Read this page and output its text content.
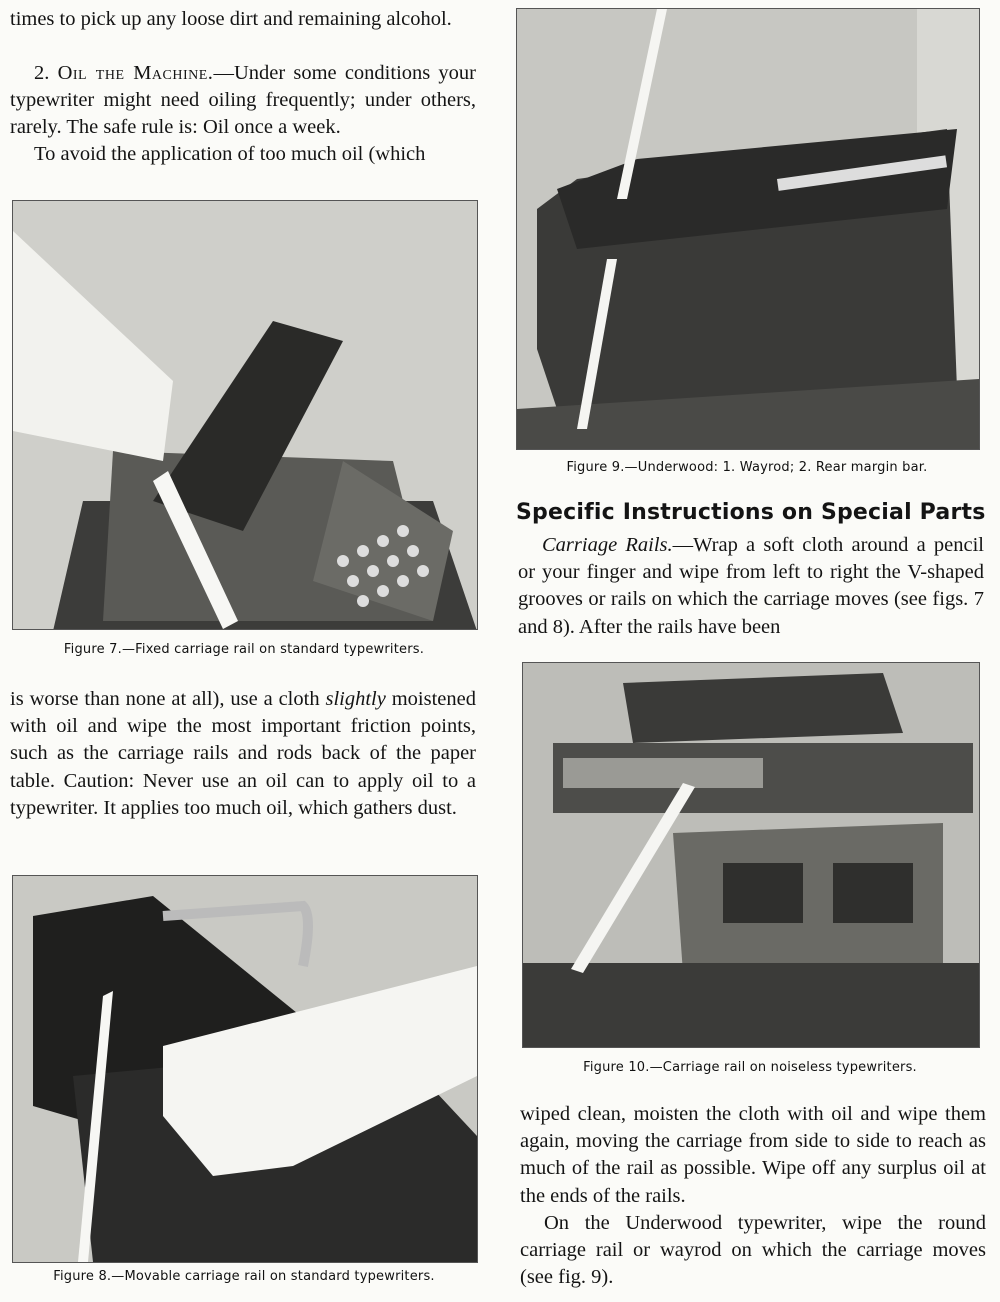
times to pick up any loose dirt and remaining alcohol.

2. Oil the Machine.—Under some conditions your typewriter might need oiling frequently; under others, rarely. The safe rule is: Oil once a week.

To avoid the application of too much oil (which

Figure 7.—Fixed carriage rail on standard typewriters.

is worse than none at all), use a cloth slightly moistened with oil and wipe the most important friction points, such as the carriage rails and rods back of the paper table. Caution: Never use an oil can to apply oil to a typewriter. It applies too much oil, which gathers dust.

Figure 8.—Movable carriage rail on standard typewriters.

Figure 9.—Underwood: 1. Wayrod; 2. Rear margin bar.

Specific Instructions on Special Parts

Carriage Rails.—Wrap a soft cloth around a pencil or your finger and wipe from left to right the V-shaped grooves or rails on which the carriage moves (see figs. 7 and 8). After the rails have been

Figure 10.—Carriage rail on noiseless typewriters.

wiped clean, moisten the cloth with oil and wipe them again, moving the carriage from side to side to reach as much of the rail as possible. Wipe off any surplus oil at the ends of the rails.

On the Underwood typewriter, wipe the round carriage rail or wayrod on which the carriage moves (see fig. 9).
